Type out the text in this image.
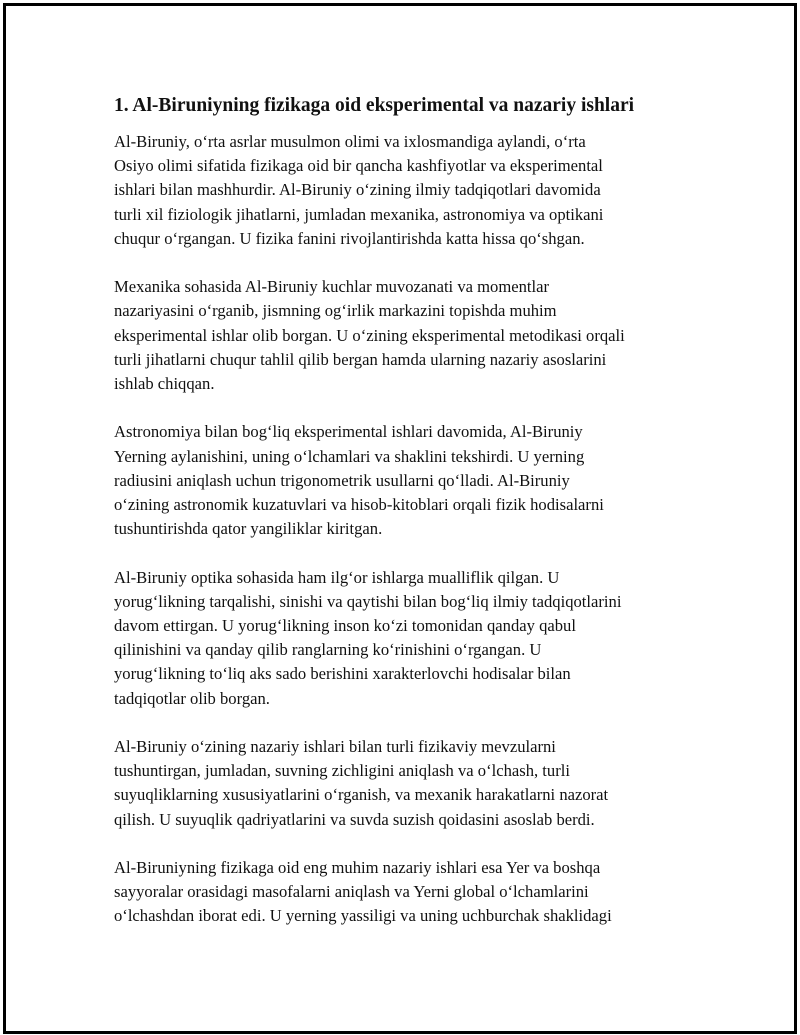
1. Al-Biruniyning fizikaga oid eksperimental va nazariy ishlari

Al-Biruniy, o‘rta asrlar musulmon olimi va ixlosmandiga aylandi, o‘rta
Osiyo olimi sifatida fizikaga oid bir qancha kashfiyotlar va eksperimental
ishlari bilan mashhurdir. Al-Biruniy o‘zining ilmiy tadqiqotlari davomida
turli xil fiziologik jihatlarni, jumladan mexanika, astronomiya va optikani
chuqur o‘rgangan. U fizika fanini rivojlantirishda katta hissa qo‘shgan.

Mexanika sohasida Al-Biruniy kuchlar muvozanati va momentlar
nazariyasini o‘rganib, jismning og‘irlik markazini topishda muhim
eksperimental ishlar olib borgan. U o‘zining eksperimental metodikasi orqali
turli jihatlarni chuqur tahlil qilib bergan hamda ularning nazariy asoslarini
ishlab chiqqan.

Astronomiya bilan bog‘liq eksperimental ishlari davomida, Al-Biruniy
Yerning aylanishini, uning o‘lchamlari va shaklini tekshirdi. U yerning
radiusini aniqlash uchun trigonometrik usullarni qo‘lladi. Al-Biruniy
o‘zining astronomik kuzatuvlari va hisob-kitoblari orqali fizik hodisalarni
tushuntirishda qator yangiliklar kiritgan.

Al-Biruniy optika sohasida ham ilg‘or ishlarga mualliflik qilgan. U
yorug‘likning tarqalishi, sinishi va qaytishi bilan bog‘liq ilmiy tadqiqotlarini
davom ettirgan. U yorug‘likning inson ko‘zi tomonidan qanday qabul
qilinishini va qanday qilib ranglarning ko‘rinishini o‘rgangan. U
yorug‘likning to‘liq aks sado berishini xarakterlovchi hodisalar bilan
tadqiqotlar olib borgan.

Al-Biruniy o‘zining nazariy ishlari bilan turli fizikaviy mevzularni
tushuntirgan, jumladan, suvning zichligini aniqlash va o‘lchash, turli
suyuqliklarning xususiyatlarini o‘rganish, va mexanik harakatlarni nazorat
qilish. U suyuqlik qadriyatlarini va suvda suzish qoidasini asoslab berdi.

Al-Biruniyning fizikaga oid eng muhim nazariy ishlari esa Yer va boshqa
sayyoralar orasidagi masofalarni aniqlash va Yerni global o‘lchamlarini
o‘lchashdan iborat edi. U yerning yassiligi va uning uchburchak shaklidagi
